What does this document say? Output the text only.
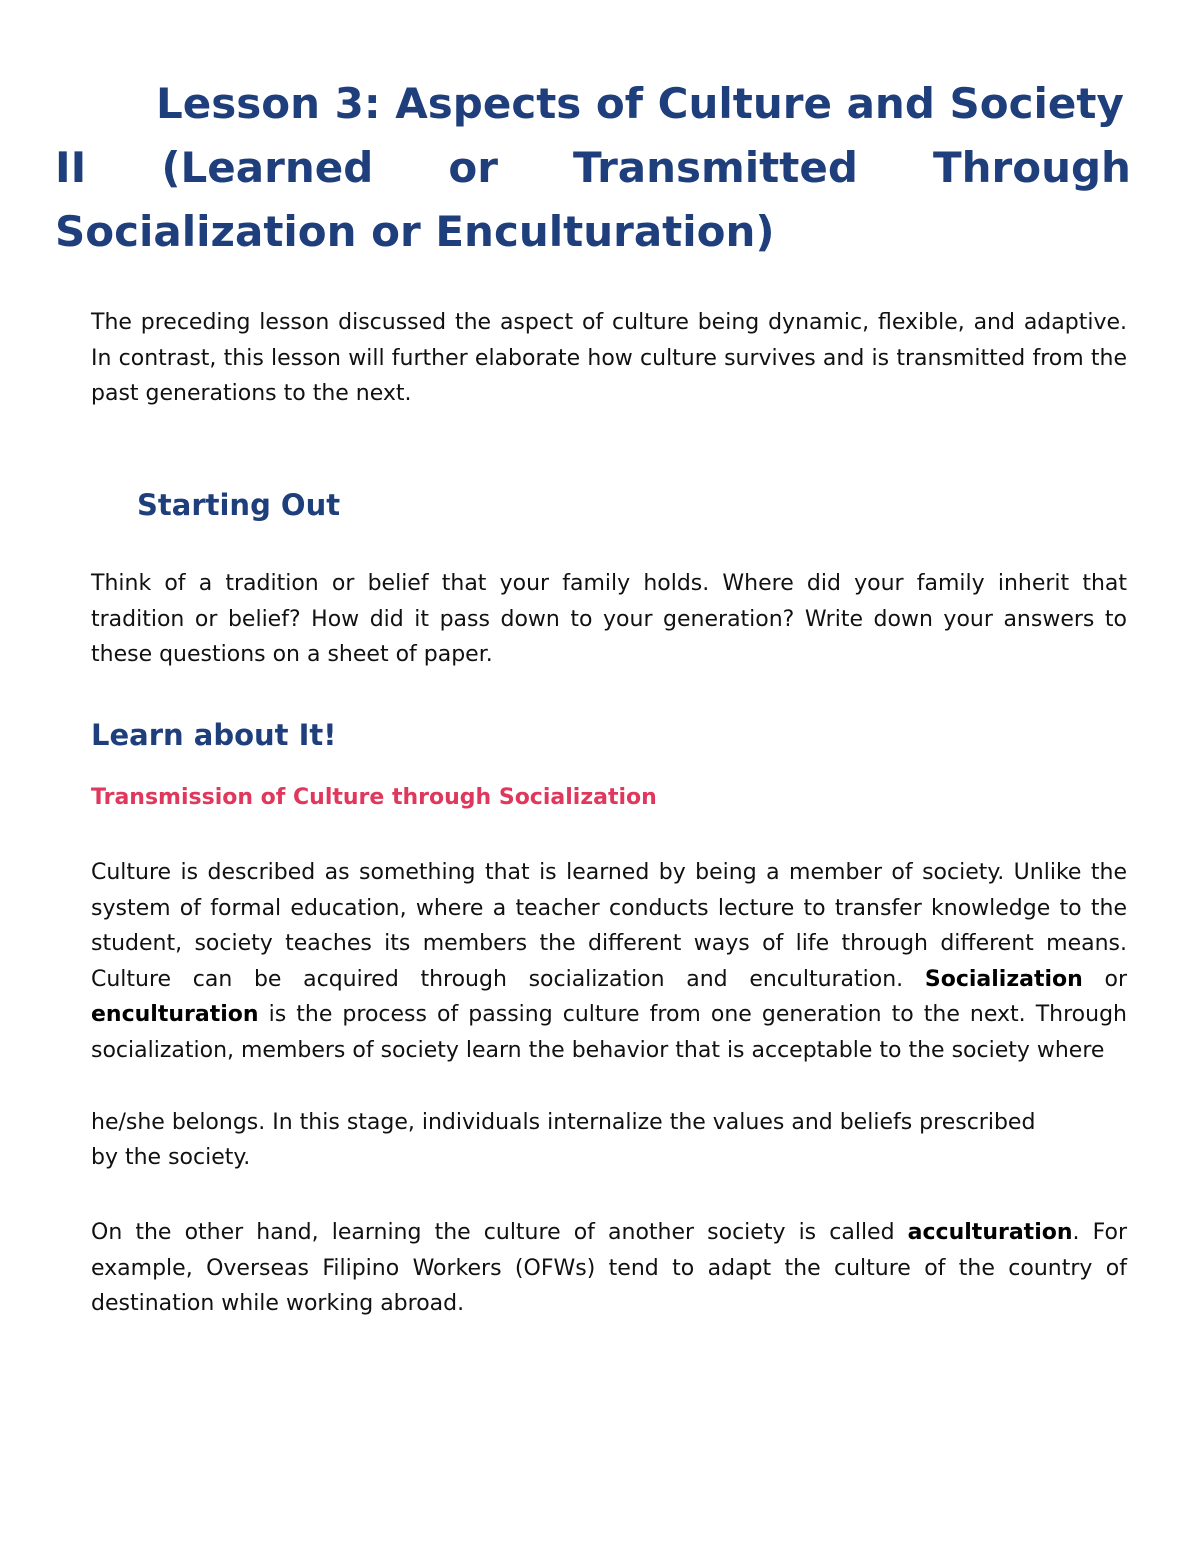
Lesson 3: Aspects of Culture and Society
II (Learned or Transmitted Through
Socialization or Enculturation)

The preceding lesson discussed the aspect of culture being dynamic, flexible, and adaptive. In contrast, this lesson will further elaborate how culture survives and is transmitted from the past generations to the next.

Starting Out

Think of a tradition or belief that your family holds. Where did your family inherit that tradition or belief? How did it pass down to your generation? Write down your answers to these questions on a sheet of paper.

Learn about It!
Transmission of Culture through Socialization

Culture is described as something that is learned by being a member of society. Unlike the system of formal education, where a teacher conducts lecture to transfer knowledge to the student, society teaches its members the different ways of life through different means. Culture can be acquired through socialization and enculturation. Socialization or enculturation is the process of passing culture from one generation to the next. Through socialization, members of society learn the behavior that is acceptable to the society where

he/she belongs. In this stage, individuals internalize the values and beliefs prescribed
by the society.

On the other hand, learning the culture of another society is called acculturation. For example, Overseas Filipino Workers (OFWs) tend to adapt the culture of the country of destination while working abroad.
